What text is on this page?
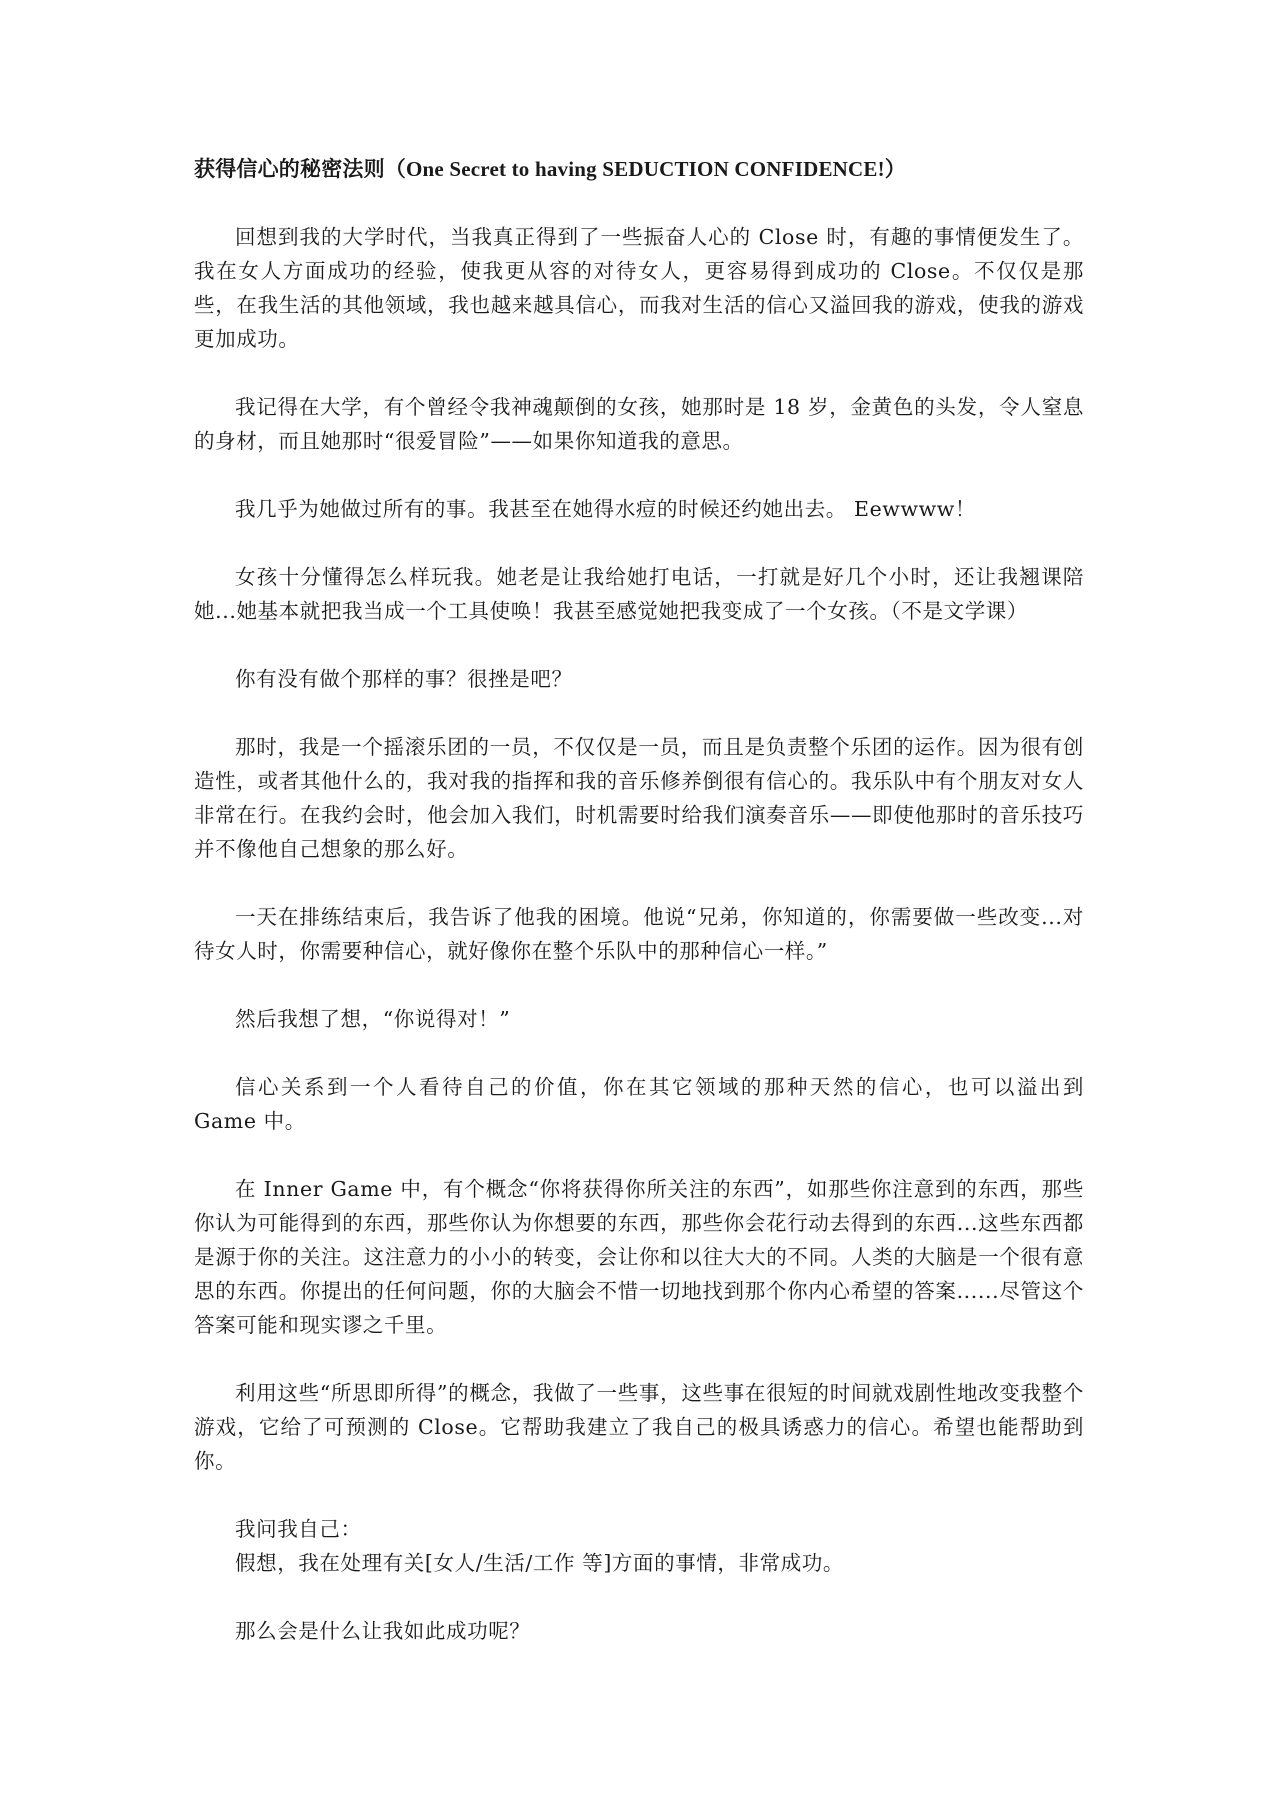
获得信心的秘密法则（One Secret to having SEDUCTION CONFIDENCE!）

回想到我的大学时代，当我真正得到了一些振奋人心的 Close 时，有趣的事情便发生了。我在女人方面成功的经验，使我更从容的对待女人，更容易得到成功的 Close。不仅仅是那些，在我生活的其他领域，我也越来越具信心，而我对生活的信心又溢回我的游戏，使我的游戏更加成功。

我记得在大学，有个曾经令我神魂颠倒的女孩，她那时是 18 岁，金黄色的头发，令人窒息的身材，而且她那时“很爱冒险”——如果你知道我的意思。

我几乎为她做过所有的事。我甚至在她得水痘的时候还约她出去。 Eewwww！

女孩十分懂得怎么样玩我。她老是让我给她打电话，一打就是好几个小时，还让我翘课陪她...她基本就把我当成一个工具使唤！我甚至感觉她把我变成了一个女孩。（不是文学课）

你有没有做个那样的事？很挫是吧？

那时，我是一个摇滚乐团的一员，不仅仅是一员，而且是负责整个乐团的运作。因为很有创造性，或者其他什么的，我对我的指挥和我的音乐修养倒很有信心的。我乐队中有个朋友对女人非常在行。在我约会时，他会加入我们，时机需要时给我们演奏音乐——即使他那时的音乐技巧并不像他自己想象的那么好。

一天在排练结束后，我告诉了他我的困境。他说“兄弟，你知道的，你需要做一些改变...对待女人时，你需要种信心，就好像你在整个乐队中的那种信心一样。”

然后我想了想，“你说得对！”

信心关系到一个人看待自己的价值，你在其它领域的那种天然的信心，也可以溢出到 Game 中。

在 Inner Game 中，有个概念“你将获得你所关注的东西”，如那些你注意到的东西，那些你认为可能得到的东西，那些你认为你想要的东西，那些你会花行动去得到的东西...这些东西都是源于你的关注。这注意力的小小的转变，会让你和以往大大的不同。人类的大脑是一个很有意思的东西。你提出的任何问题，你的大脑会不惜一切地找到那个你内心希望的答案......尽管这个答案可能和现实谬之千里。

利用这些“所思即所得”的概念，我做了一些事，这些事在很短的时间就戏剧性地改变我整个游戏，它给了可预测的 Close。它帮助我建立了我自己的极具诱惑力的信心。希望也能帮助到你。

我问我自己：

假想，我在处理有关[女人/生活/工作 等]方面的事情，非常成功。

那么会是什么让我如此成功呢？
